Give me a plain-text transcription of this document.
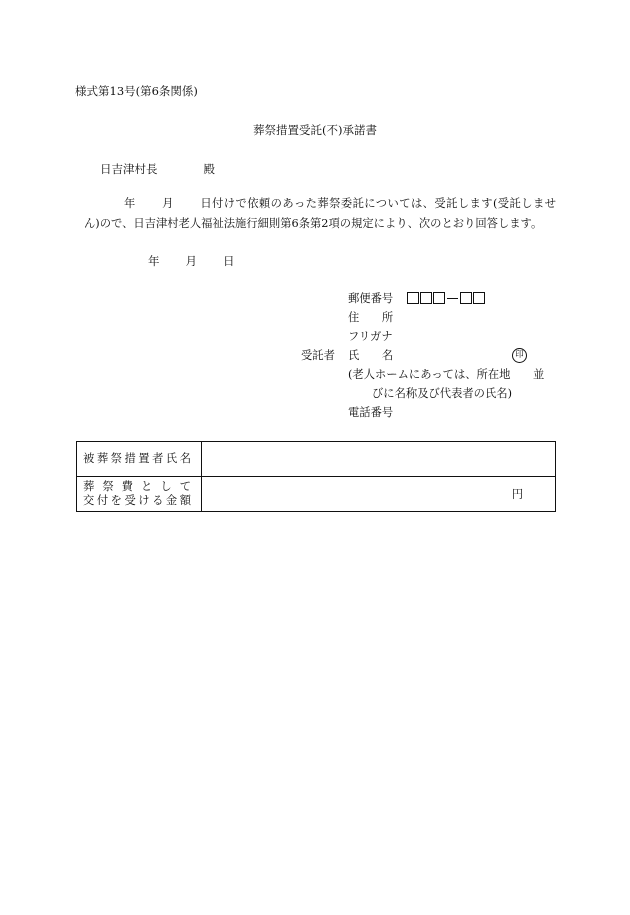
様式第13号(第6条関係)
葬祭措置受託(不)承諾書
日吉津村長	殿
年 月 日付けで依頼のあった葬祭委託については、受託します(受託しませ
ん)ので、日吉津村老人福祉法施行細則第6条第2項の規定により、次のとおり回答します。
年 月 日
郵便番号
住　　所
フリガナ
受託者 氏　　名	印
(老人ホームにあっては、所在地　　並
びに名称及び代表者の氏名)
電話番号
被葬祭措置者氏名	

葬祭費として
交付を受ける金額	円
